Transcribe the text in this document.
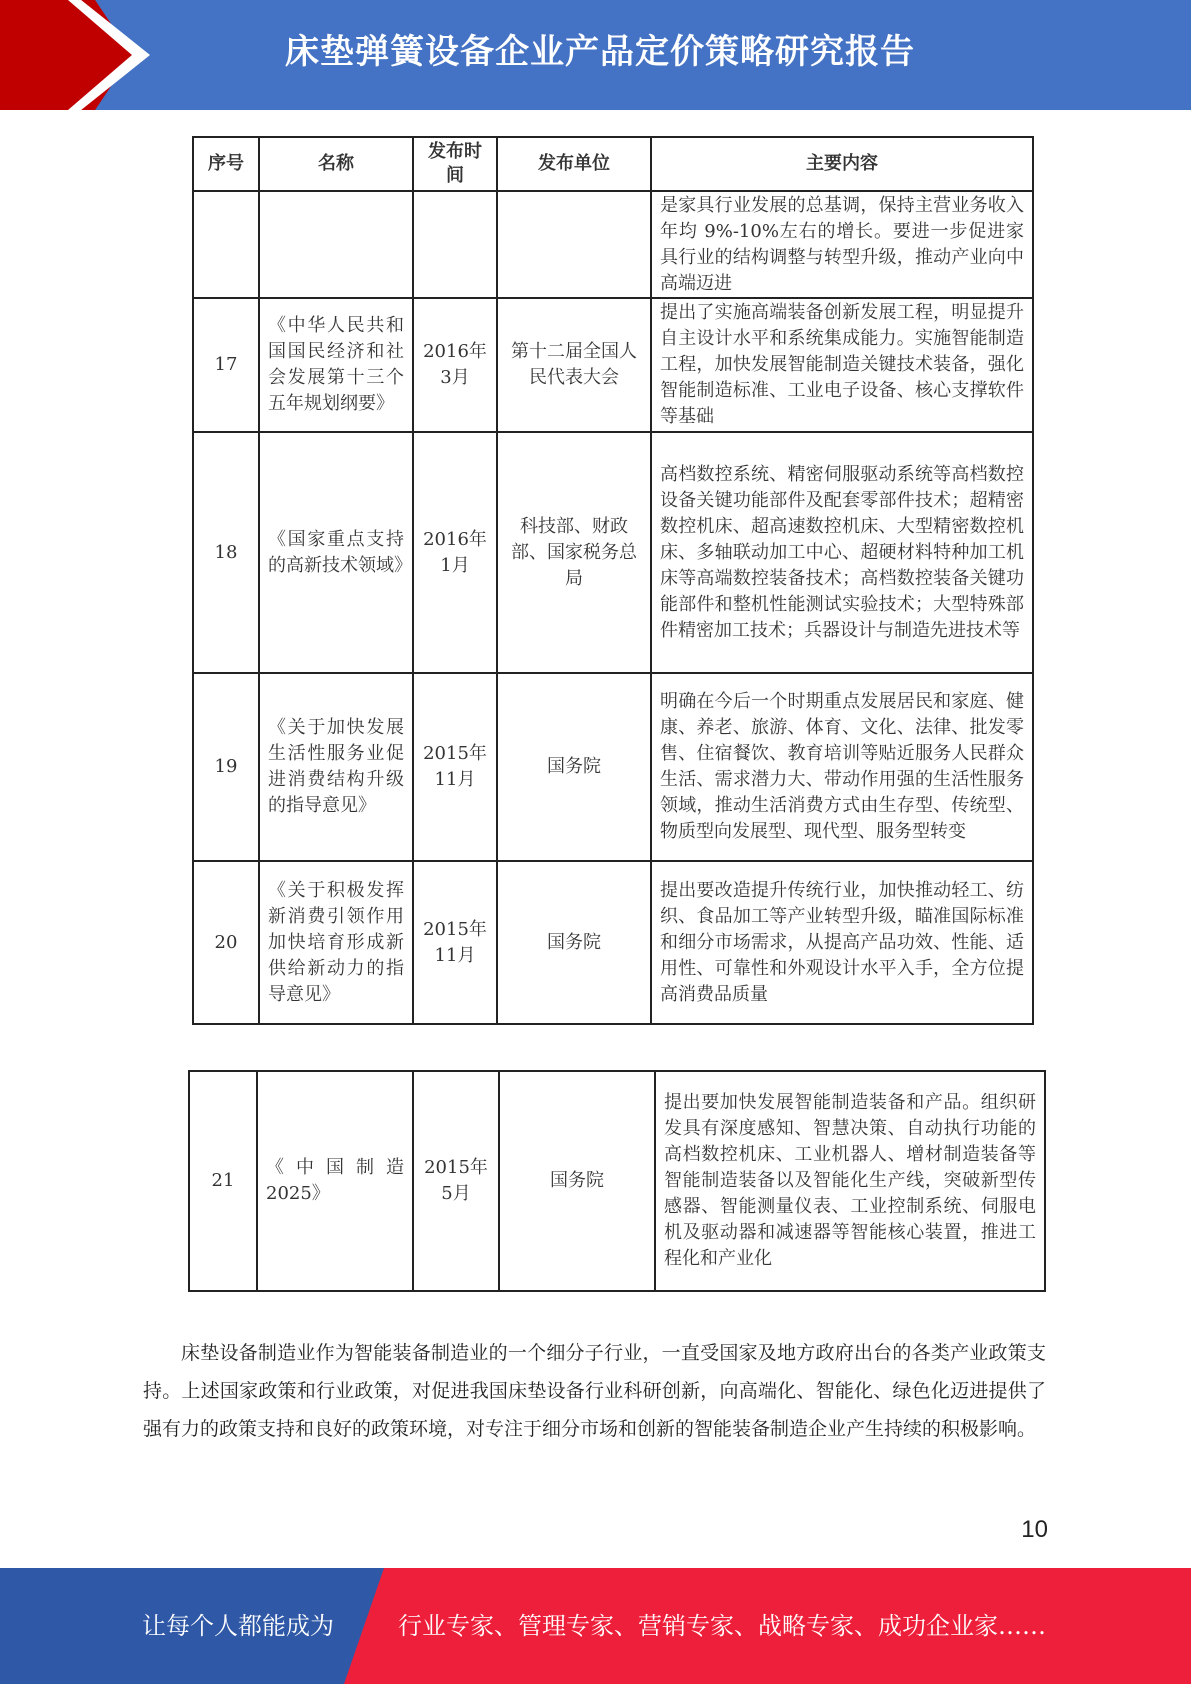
床垫弹簧设备企业产品定价策略研究报告
序号	名称	发布时间	发布单位	主要内容
				是家具行业发展的总基调，保持主营业务收入年均 9%-10%左右的增长。要进一步促进家具行业的结构调整与转型升级，推动产业向中高端迈进
17	《中华人民共和国国民经济和社会发展第十三个五年规划纲要》	2016年3月	第十二届全国人民代表大会	提出了实施高端装备创新发展工程，明显提升自主设计水平和系统集成能力。实施智能制造工程，加快发展智能制造关键技术装备，强化智能制造标准、工业电子设备、核心支撑软件等基础
18	《国家重点支持的高新技术领域》	2016年1月	科技部、财政部、国家税务总局	高档数控系统、精密伺服驱动系统等高档数控设备关键功能部件及配套零部件技术；超精密数控机床、超高速数控机床、大型精密数控机床、多轴联动加工中心、超硬材料特种加工机床等高端数控装备技术；高档数控装备关键功能部件和整机性能测试实验技术；大型特殊部件精密加工技术；兵器设计与制造先进技术等
19	《关于加快发展生活性服务业促进消费结构升级的指导意见》	2015年11月	国务院	明确在今后一个时期重点发展居民和家庭、健康、养老、旅游、体育、文化、法律、批发零售、住宿餐饮、教育培训等贴近服务人民群众生活、需求潜力大、带动作用强的生活性服务领域，推动生活消费方式由生存型、传统型、物质型向发展型、现代型、服务型转变
20	《关于积极发挥新消费引领作用加快培育形成新供给新动力的指导意见》	2015年11月	国务院	提出要改造提升传统行业，加快推动轻工、纺织、食品加工等产业转型升级，瞄准国际标准和细分市场需求，从提高产品功效、性能、适用性、可靠性和外观设计水平入手，全方位提高消费品质量
21	《中国制造2025》	2015年5月	国务院	提出要加快发展智能制造装备和产品。组织研发具有深度感知、智慧决策、自动执行功能的高档数控机床、工业机器人、增材制造装备等智能制造装备以及智能化生产线，突破新型传感器、智能测量仪表、工业控制系统、伺服电机及驱动器和减速器等智能核心装置，推进工程化和产业化
床垫设备制造业作为智能装备制造业的一个细分子行业，一直受国家及地方政府出台的各类产业政策支持。上述国家政策和行业政策，对促进我国床垫设备行业科研创新，向高端化、智能化、绿色化迈进提供了强有力的政策支持和良好的政策环境，对专注于细分市场和创新的智能装备制造企业产生持续的积极影响。
10
让每个人都能成为	行业专家、管理专家、营销专家、战略专家、成功企业家……
